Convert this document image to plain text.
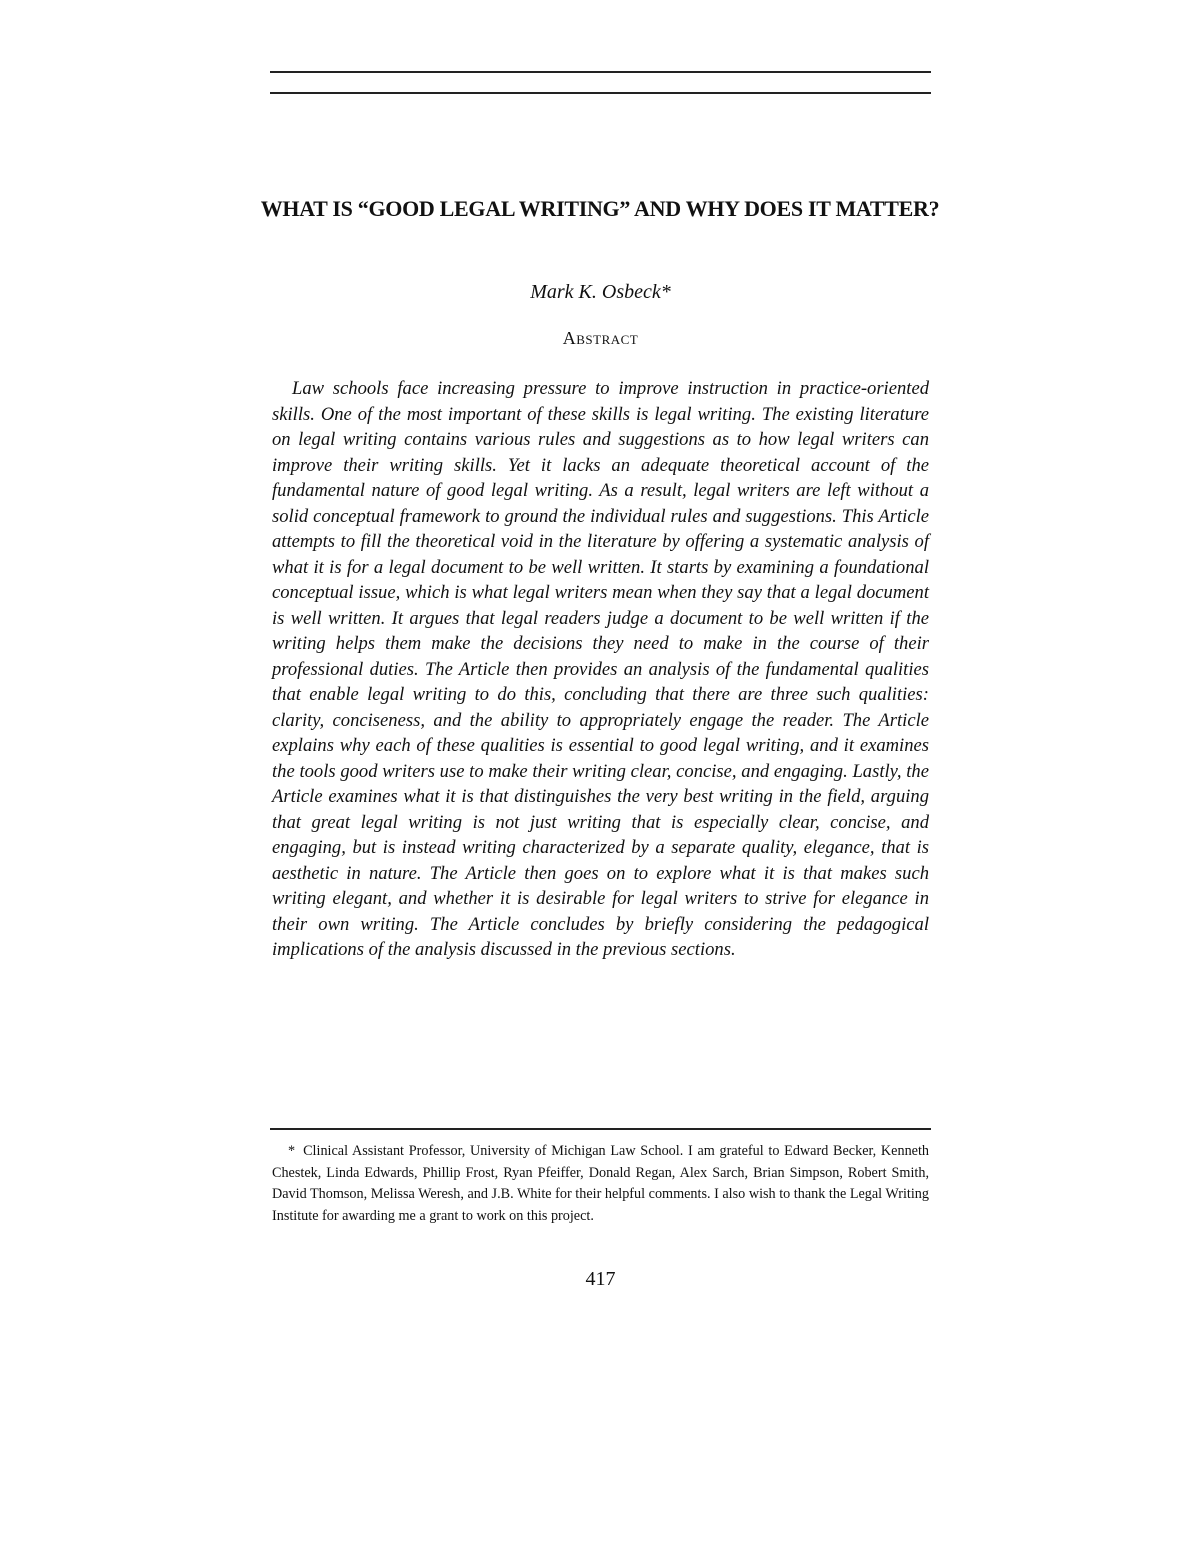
WHAT IS “GOOD LEGAL WRITING” AND WHY DOES IT MATTER?
Mark K. Osbeck*
Abstract

Law schools face increasing pressure to improve instruction in practice-oriented skills. One of the most important of these skills is legal writing. The existing literature on legal writing contains various rules and suggestions as to how legal writers can improve their writing skills. Yet it lacks an adequate theoretical account of the fundamental nature of good legal writing. As a result, legal writers are left without a solid conceptual framework to ground the individual rules and suggestions. This Article attempts to fill the theoretical void in the literature by offering a systematic analysis of what it is for a legal document to be well written. It starts by examining a foundational conceptual issue, which is what legal writers mean when they say that a legal document is well written. It argues that legal readers judge a document to be well written if the writing helps them make the decisions they need to make in the course of their professional duties. The Article then provides an analysis of the fundamental qualities that enable legal writing to do this, concluding that there are three such qualities: clarity, conciseness, and the ability to appropriately engage the reader. The Article explains why each of these qualities is essential to good legal writing, and it examines the tools good writers use to make their writing clear, concise, and engaging. Lastly, the Article examines what it is that distinguishes the very best writing in the field, arguing that great legal writing is not just writing that is especially clear, concise, and engaging, but is instead writing characterized by a separate quality, elegance, that is aesthetic in nature. The Article then goes on to explore what it is that makes such writing elegant, and whether it is desirable for legal writers to strive for elegance in their own writing. The Article concludes by briefly considering the pedagogical implications of the analysis discussed in the previous sections.

* Clinical Assistant Professor, University of Michigan Law School. I am grateful to Edward Becker, Kenneth Chestek, Linda Edwards, Phillip Frost, Ryan Pfeiffer, Donald Regan, Alex Sarch, Brian Simpson, Robert Smith, David Thomson, Melissa Weresh, and J.B. White for their helpful comments. I also wish to thank the Legal Writing Institute for awarding me a grant to work on this project.

417
